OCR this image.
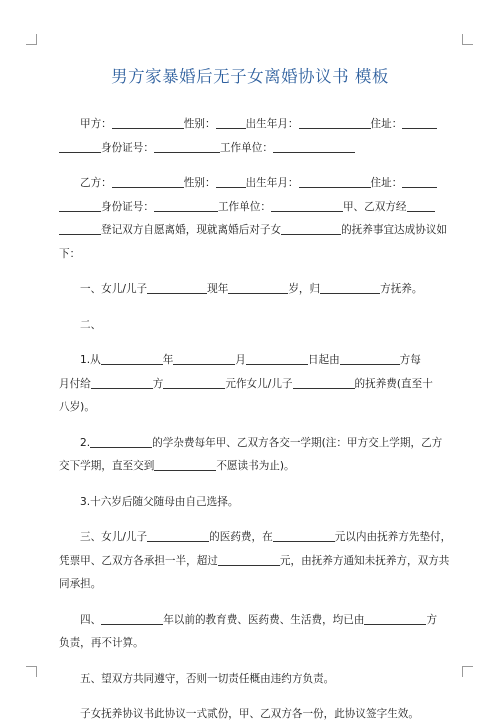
男方家暴婚后无子女离婚协议书 模板
甲方：	性别：	出生年月：	住址：
身份证号：	工作单位：
乙方：	性别：	出生年月：	住址：
身份证号：	工作单位：	甲、乙双方经
登记双方自愿离婚，现就离婚后对子女	的抚养事宜达成协议如
下：
一、女儿/儿子	现年	岁，归	方抚养。
二、
1.从	年	月	日起由	方每
月付给	方	元作女儿/儿子	的抚养费(直至十
八岁)。
2.	的学杂费每年甲、乙双方各交一学期(注：甲方交上学期，乙方
交下学期，直至交到	不愿读书为止)。
3.十六岁后随父随母由自己选择。
三、女儿/儿子	的医药费，在	元以内由抚养方先垫付，
凭票甲、乙双方各承担一半，超过	元，由抚养方通知未抚养方，双方共
同承担。
四、	年以前的教育费、医药费、生活费，均已由	方
负责，再不计算。
五、望双方共同遵守，否则一切责任概由违约方负责。
子女抚养协议书此协议一式贰份，甲、乙双方各一份，此协议签字生效。
